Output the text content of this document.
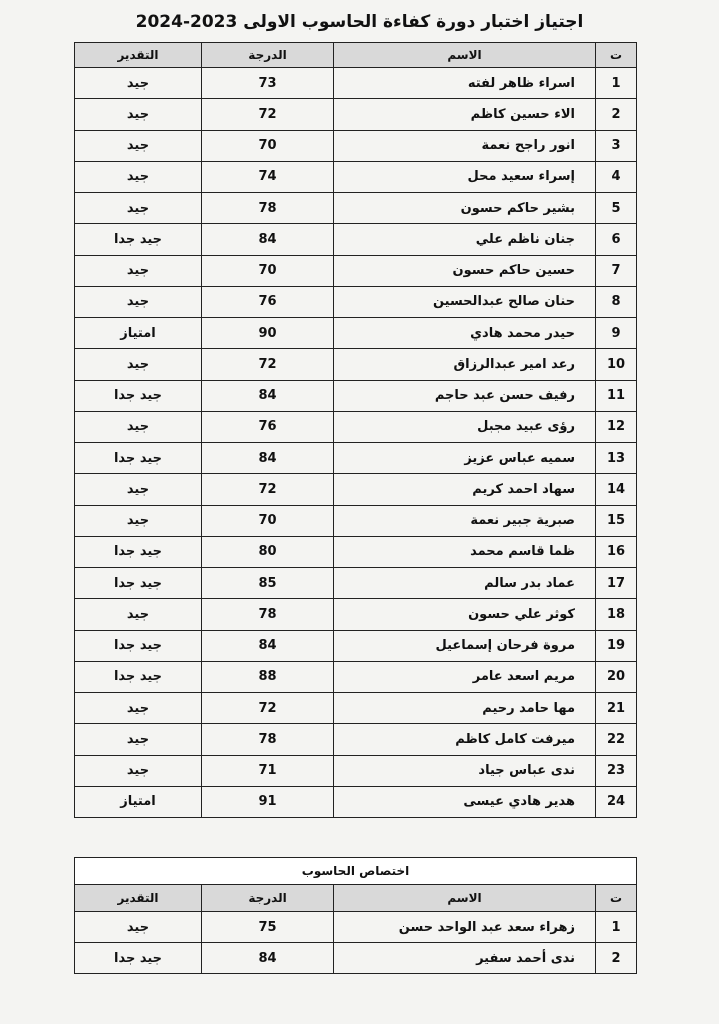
اجتياز اختبار دورة كفاءة الحاسوب الاولى 2023-2024
ت	الاسم	الدرجة	التقدير
1	اسراء ظاهر لفته	73	جيد
2	الاء حسين كاظم	72	جيد
3	انور راجح نعمة	70	جيد
4	إسراء سعيد محل	74	جيد
5	بشير حاكم حسون	78	جيد
6	جنان ناظم علي	84	جيد جدا
7	حسين حاكم حسون	70	جيد
8	حنان صالح عبدالحسين	76	جيد
9	حيدر محمد هادي	90	امتياز
10	رعد امير عبدالرزاق	72	جيد
11	رفيف حسن عبد حاجم	84	جيد جدا
12	رؤى عبيد مجبل	76	جيد
13	سميه عباس عزيز	84	جيد جدا
14	سهاد احمد كريم	72	جيد
15	صبرية جبير نعمة	70	جيد
16	ظما قاسم محمد	80	جيد جدا
17	عماد بدر سالم	85	جيد جدا
18	كوثر علي حسون	78	جيد
19	مروة فرحان إسماعيل	84	جيد جدا
20	مريم اسعد عامر	88	جيد جدا
21	مها حامد رحيم	72	جيد
22	ميرفت كامل كاظم	78	جيد
23	ندى عباس جياد	71	جيد
24	هدير هادي عيسى	91	امتياز
اختصاص الحاسوب			
ت	الاسم	الدرجة	التقدير
1	زهراء سعد عبد الواحد حسن	75	جيد
2	ندى أحمد سفير	84	جيد جدا
